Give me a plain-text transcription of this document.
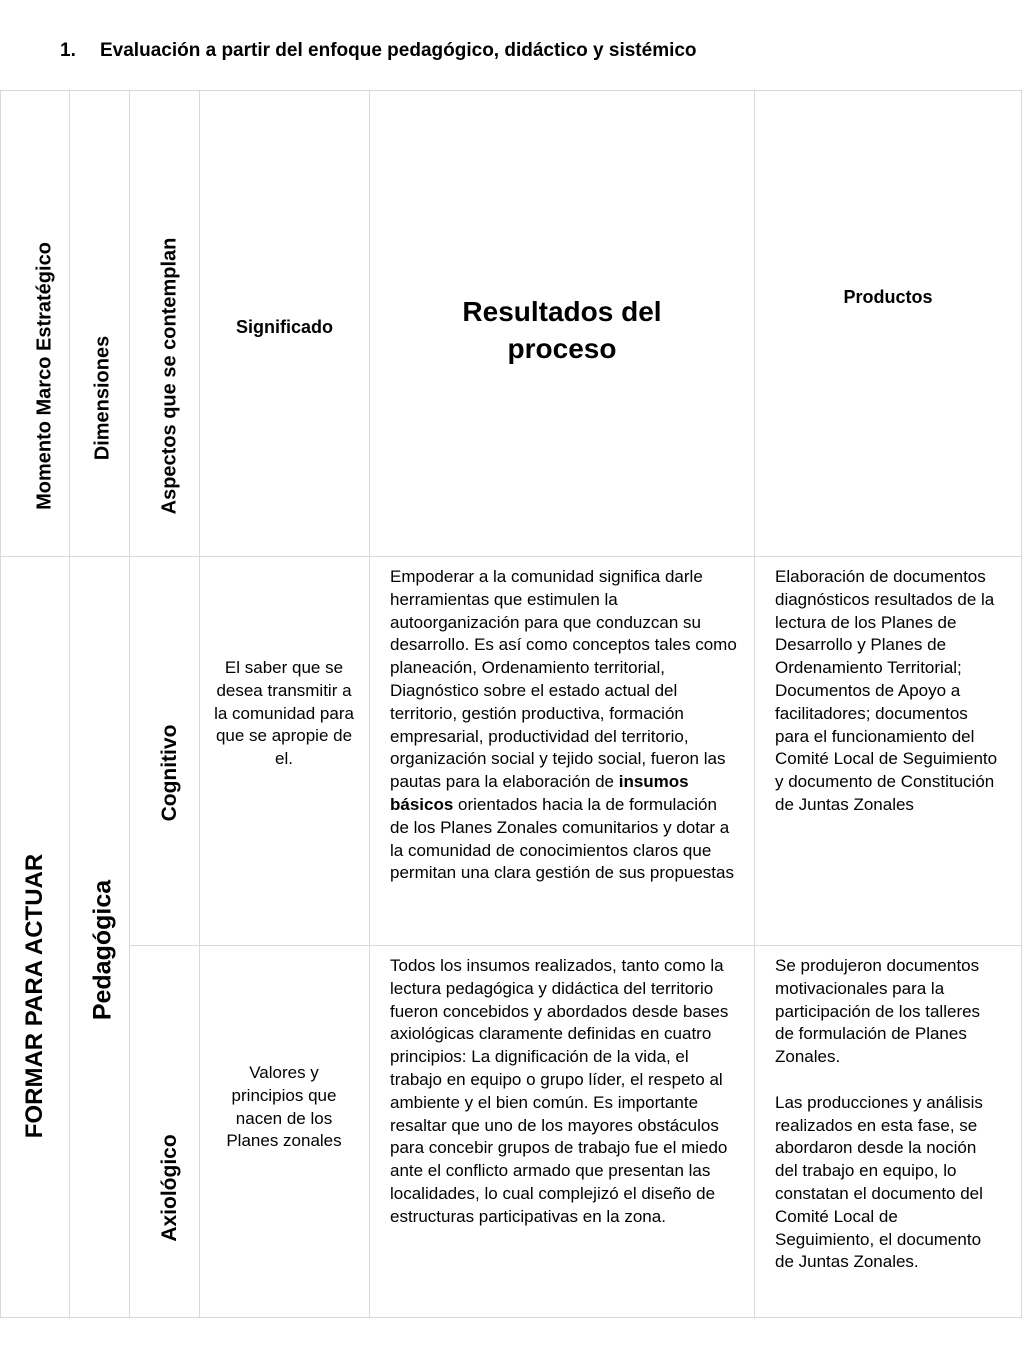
1. Evaluación a partir del enfoque pedagógico, didáctico y sistémico
Momento Marco Estratégico Dimensiones Aspectos que se contemplan	Significado	Resultados del proceso
Productos
FORMAR PARA ACTUAR Pedagógica
Cognitivo
El saber que se desea transmitir a la comunidad para que se apropie de el.
Empoderar a la comunidad significa darle herramientas que estimulen la autoorganización para que conduzcan su desarrollo. Es así como conceptos tales como planeación, Ordenamiento territorial, Diagnóstico sobre el estado actual del territorio, gestión productiva, formación empresarial, productividad del territorio, organización social y tejido social, fueron las pautas para la elaboración de insumos básicos orientados hacia la de formulación de los Planes Zonales comunitarios y dotar a la comunidad de conocimientos claros que permitan una clara gestión de sus propuestas
Elaboración de documentos diagnósticos resultados de la lectura de los Planes de Desarrollo y Planes de Ordenamiento Territorial; Documentos de Apoyo a facilitadores; documentos para el funcionamiento del Comité Local de Seguimiento y documento de Constitución de Juntas Zonales
Axiológico
Valores y principios que nacen de los Planes zonales
Todos los insumos realizados, tanto como la lectura pedagógica y didáctica del territorio fueron concebidos y abordados desde bases axiológicas claramente definidas en cuatro principios: La dignificación de la vida, el trabajo en equipo o grupo líder, el respeto al ambiente y el bien común. Es importante resaltar que uno de los mayores obstáculos para concebir grupos de trabajo fue el miedo ante el conflicto armado que presentan las localidades, lo cual complejizó el diseño de estructuras participativas en la zona.
Se produjeron documentos motivacionales para la participación de los talleres de formulación de Planes Zonales.
Las producciones y análisis realizados en esta fase, se abordaron desde la noción del trabajo en equipo, lo constatan el documento del Comité Local de Seguimiento, el documento de Juntas Zonales.
